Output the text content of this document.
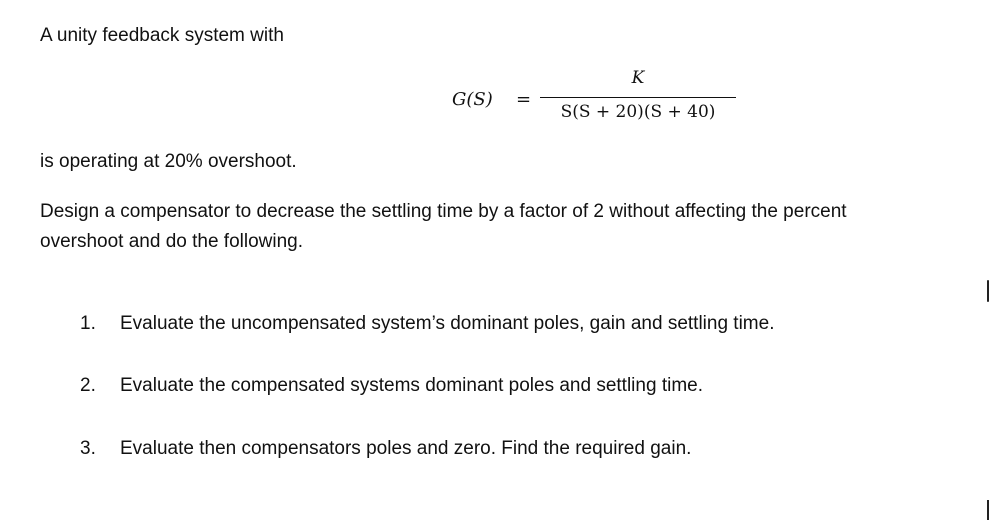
A unity feedback system with
G(S) =
K
S(S + 20)(S + 40)
is operating at 20% overshoot.
Design a compensator to decrease the settling time by a factor of 2 without affecting the percent
overshoot and do the following.
1.	Evaluate the uncompensated system’s dominant poles, gain and settling time.
2.	Evaluate the compensated systems dominant poles and settling time.
3.	Evaluate then compensators poles and zero. Find the required gain.
